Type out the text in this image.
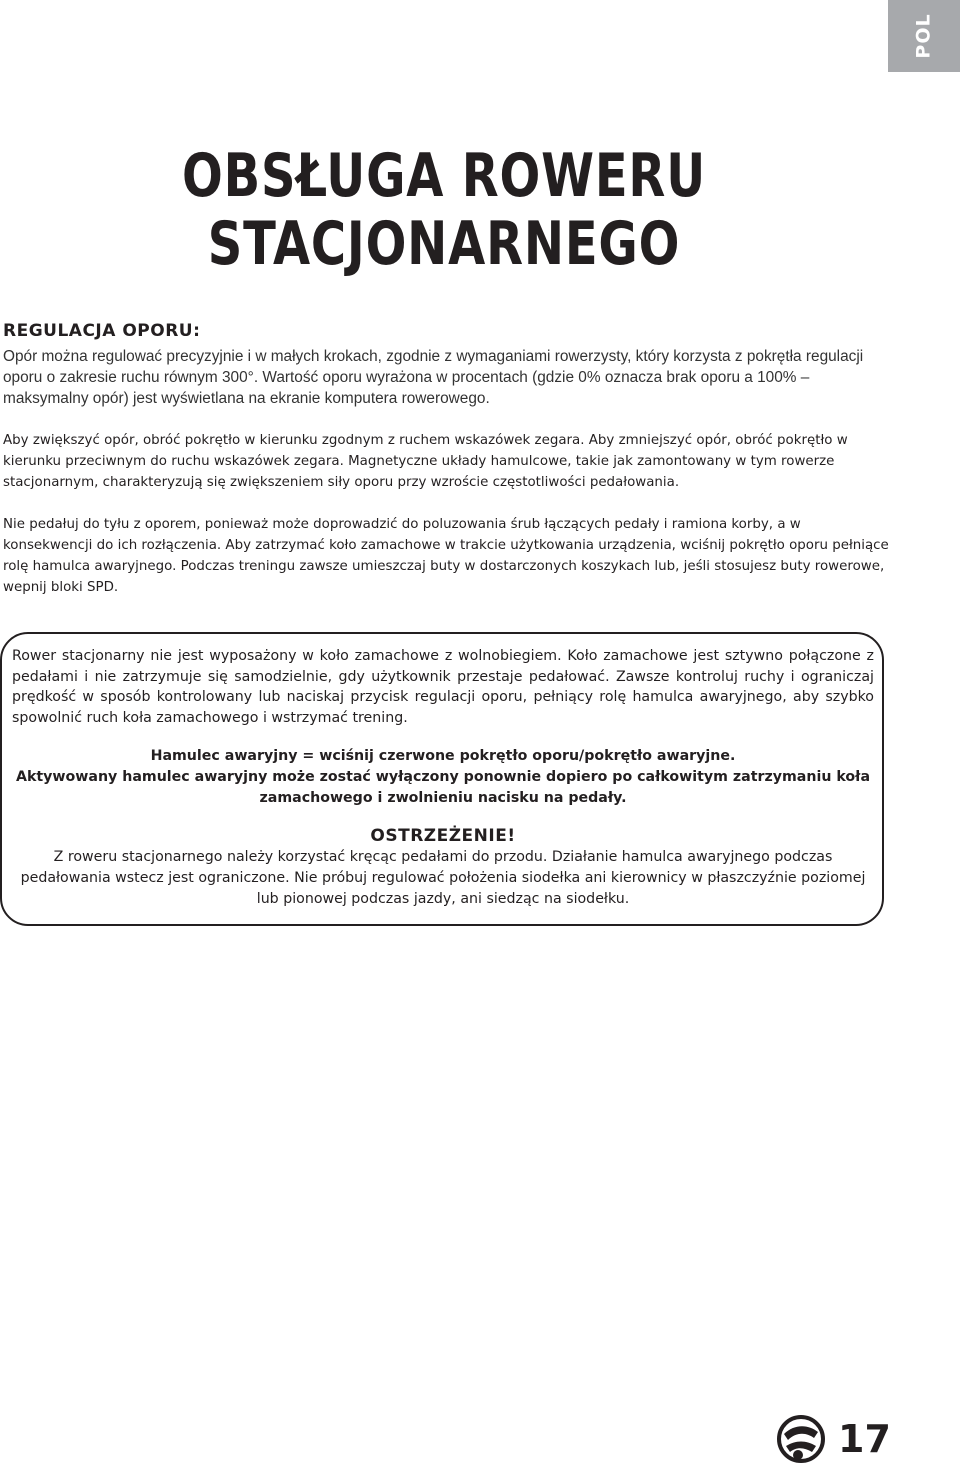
POL
OBSŁUGA ROWERU
STACJONARNEGO
REGULACJA OPORU:

Opór można regulować precyzyjnie i w małych krokach, zgodnie z wymaganiami rowerzysty, który korzysta z pokrętła regulacji oporu o zakresie ruchu równym 300°. Wartość oporu wyrażona w procentach (gdzie 0% oznacza brak oporu a 100% – maksymalny opór) jest wyświetlana na ekranie komputera rowerowego.

Aby zwiększyć opór, obróć pokrętło w kierunku zgodnym z ruchem wskazówek zegara. Aby zmniejszyć opór, obróć pokrętło w kierunku przeciwnym do ruchu wskazówek zegara. Magnetyczne układy hamulcowe, takie jak zamontowany w tym rowerze stacjonarnym, charakteryzują się zwiększeniem siły oporu przy wzroście częstotliwości pedałowania.

Nie pedałuj do tyłu z oporem, ponieważ może doprowadzić do poluzowania śrub łączących pedały i ramiona korby, a w konsekwencji do ich rozłączenia. Aby zatrzymać koło zamachowe w trakcie użytkowania urządzenia, wciśnij pokrętło oporu pełniące rolę hamulca awaryjnego. Podczas treningu zawsze umieszczaj buty w dostarczonych koszykach lub, jeśli stosujesz buty rowerowe, wepnij bloki SPD.

Rower stacjonarny nie jest wyposażony w koło zamachowe z wolnobiegiem. Koło zamachowe jest sztywno połączone z pedałami i nie zatrzymuje się samodzielnie, gdy użytkownik przestaje pedałować. Zawsze kontroluj ruchy i ograniczaj prędkość w sposób kontrolowany lub naciskaj przycisk regulacji oporu, pełniący rolę hamulca awaryjnego, aby szybko spowolnić ruch koła zamachowego i wstrzymać trening.

Hamulec awaryjny = wciśnij czerwone pokrętło oporu/pokrętło awaryjne.
Aktywowany hamulec awaryjny może zostać wyłączony ponownie dopiero po całkowitym zatrzymaniu koła zamachowego i zwolnieniu nacisku na pedały.

OSTRZEŻENIE!

Z roweru stacjonarnego należy korzystać kręcąc pedałami do przodu. Działanie hamulca awaryjnego podczas pedałowania wstecz jest ograniczone. Nie próbuj regulować położenia siodełka ani kierownicy w płaszczyźnie poziomej lub pionowej podczas jazdy, ani siedząc na siodełku.

17
